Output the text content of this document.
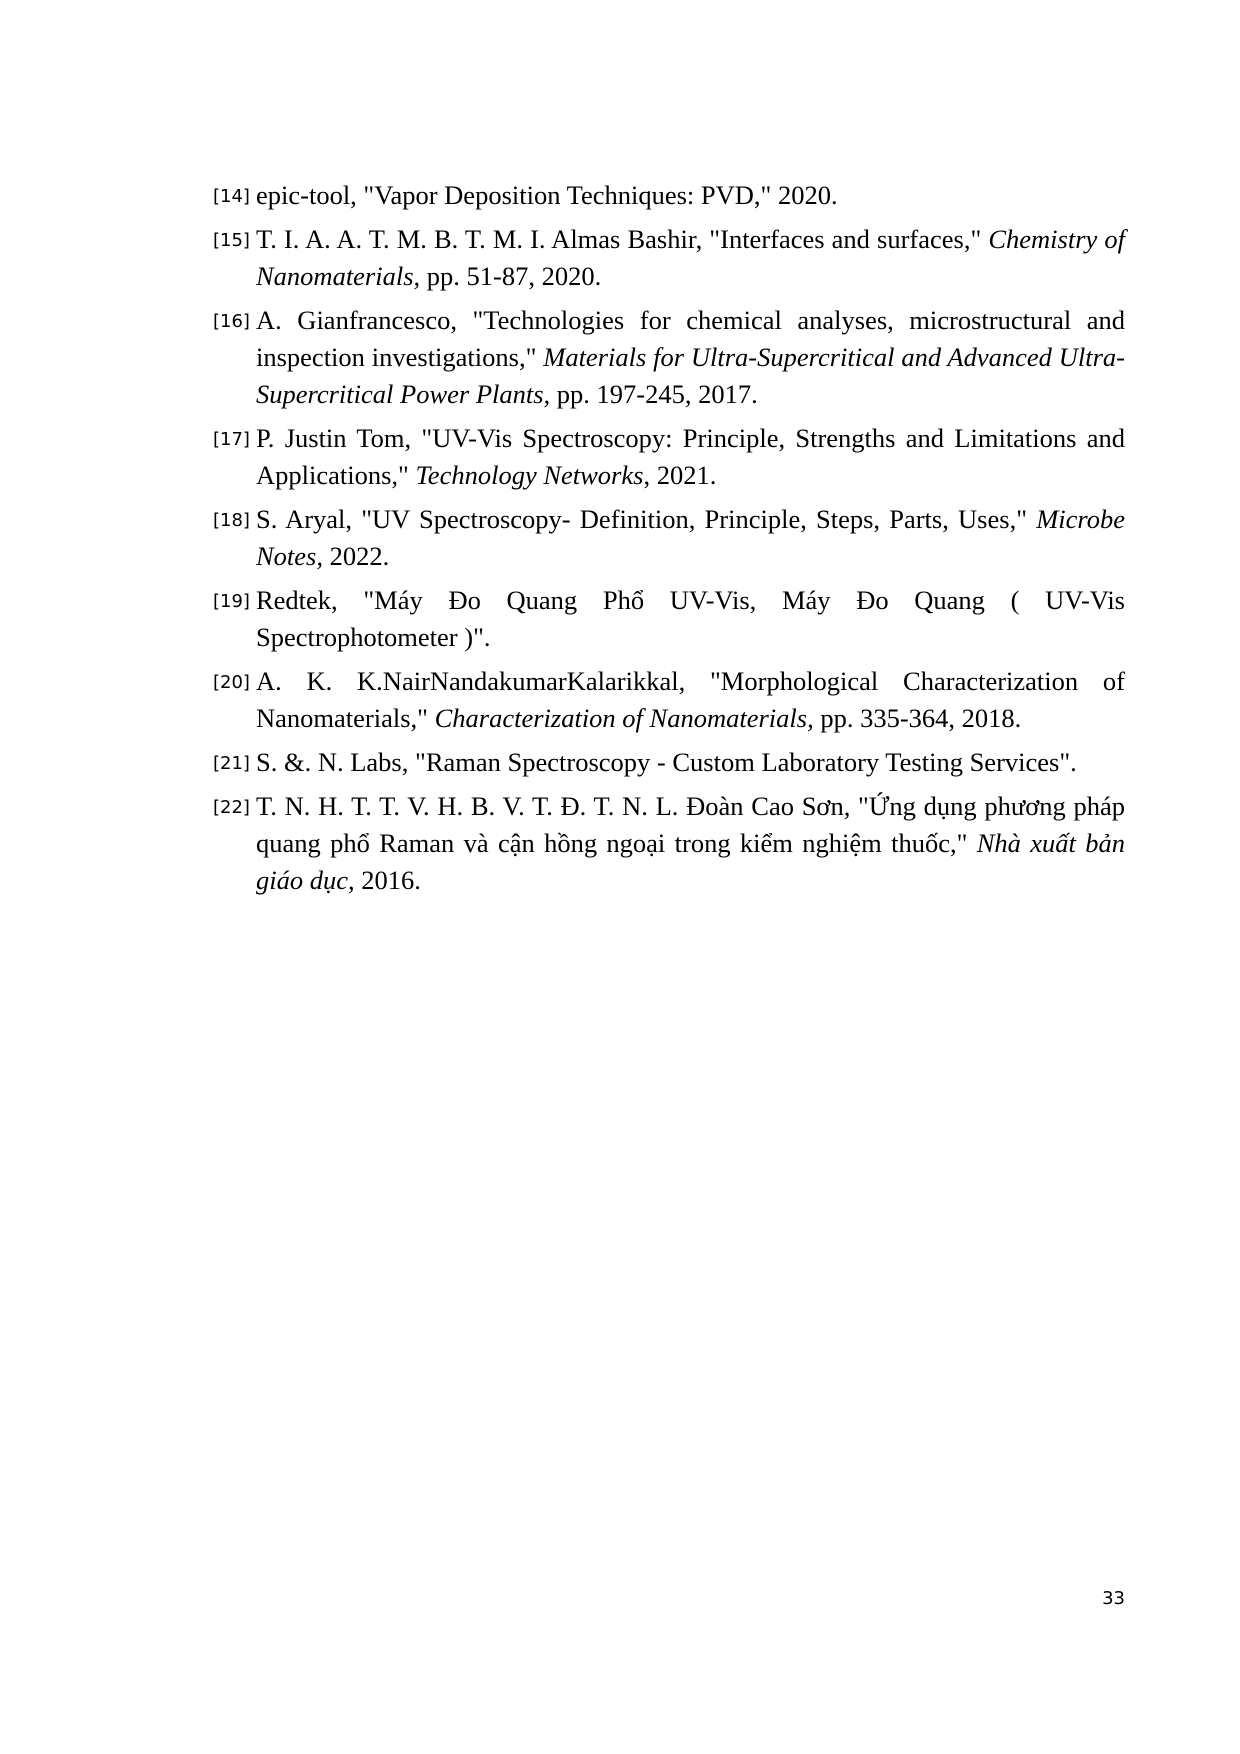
[14] epic-tool, "Vapor Deposition Techniques: PVD," 2020.
[15] T. I. A. A. T. M. B. T. M. I. Almas Bashir, "Interfaces and surfaces," Chemistry of Nanomaterials, pp. 51-87, 2020.
[16] A. Gianfrancesco, "Technologies for chemical analyses, microstructural and inspection investigations," Materials for Ultra-Supercritical and Advanced Ultra-Supercritical Power Plants, pp. 197-245, 2017.
[17] P. Justin Tom, "UV-Vis Spectroscopy: Principle, Strengths and Limitations and Applications," Technology Networks, 2021.
[18] S. Aryal, "UV Spectroscopy- Definition, Principle, Steps, Parts, Uses," Microbe Notes, 2022.
[19] Redtek, "Máy Đo Quang Phổ UV-Vis, Máy Đo Quang ( UV-Vis Spectrophotometer )".
[20] A. K. K.NairNandakumarKalarikkal, "Morphological Characterization of Nanomaterials," Characterization of Nanomaterials, pp. 335-364, 2018.
[21] S. &. N. Labs, "Raman Spectroscopy - Custom Laboratory Testing Services".
[22] T. N. H. T. T. V. H. B. V. T. Đ. T. N. L. Đoàn Cao Sơn, "Ứng dụng phương pháp quang phổ Raman và cận hồng ngoại trong kiểm nghiệm thuốc," Nhà xuất bản giáo dục, 2016.
33
